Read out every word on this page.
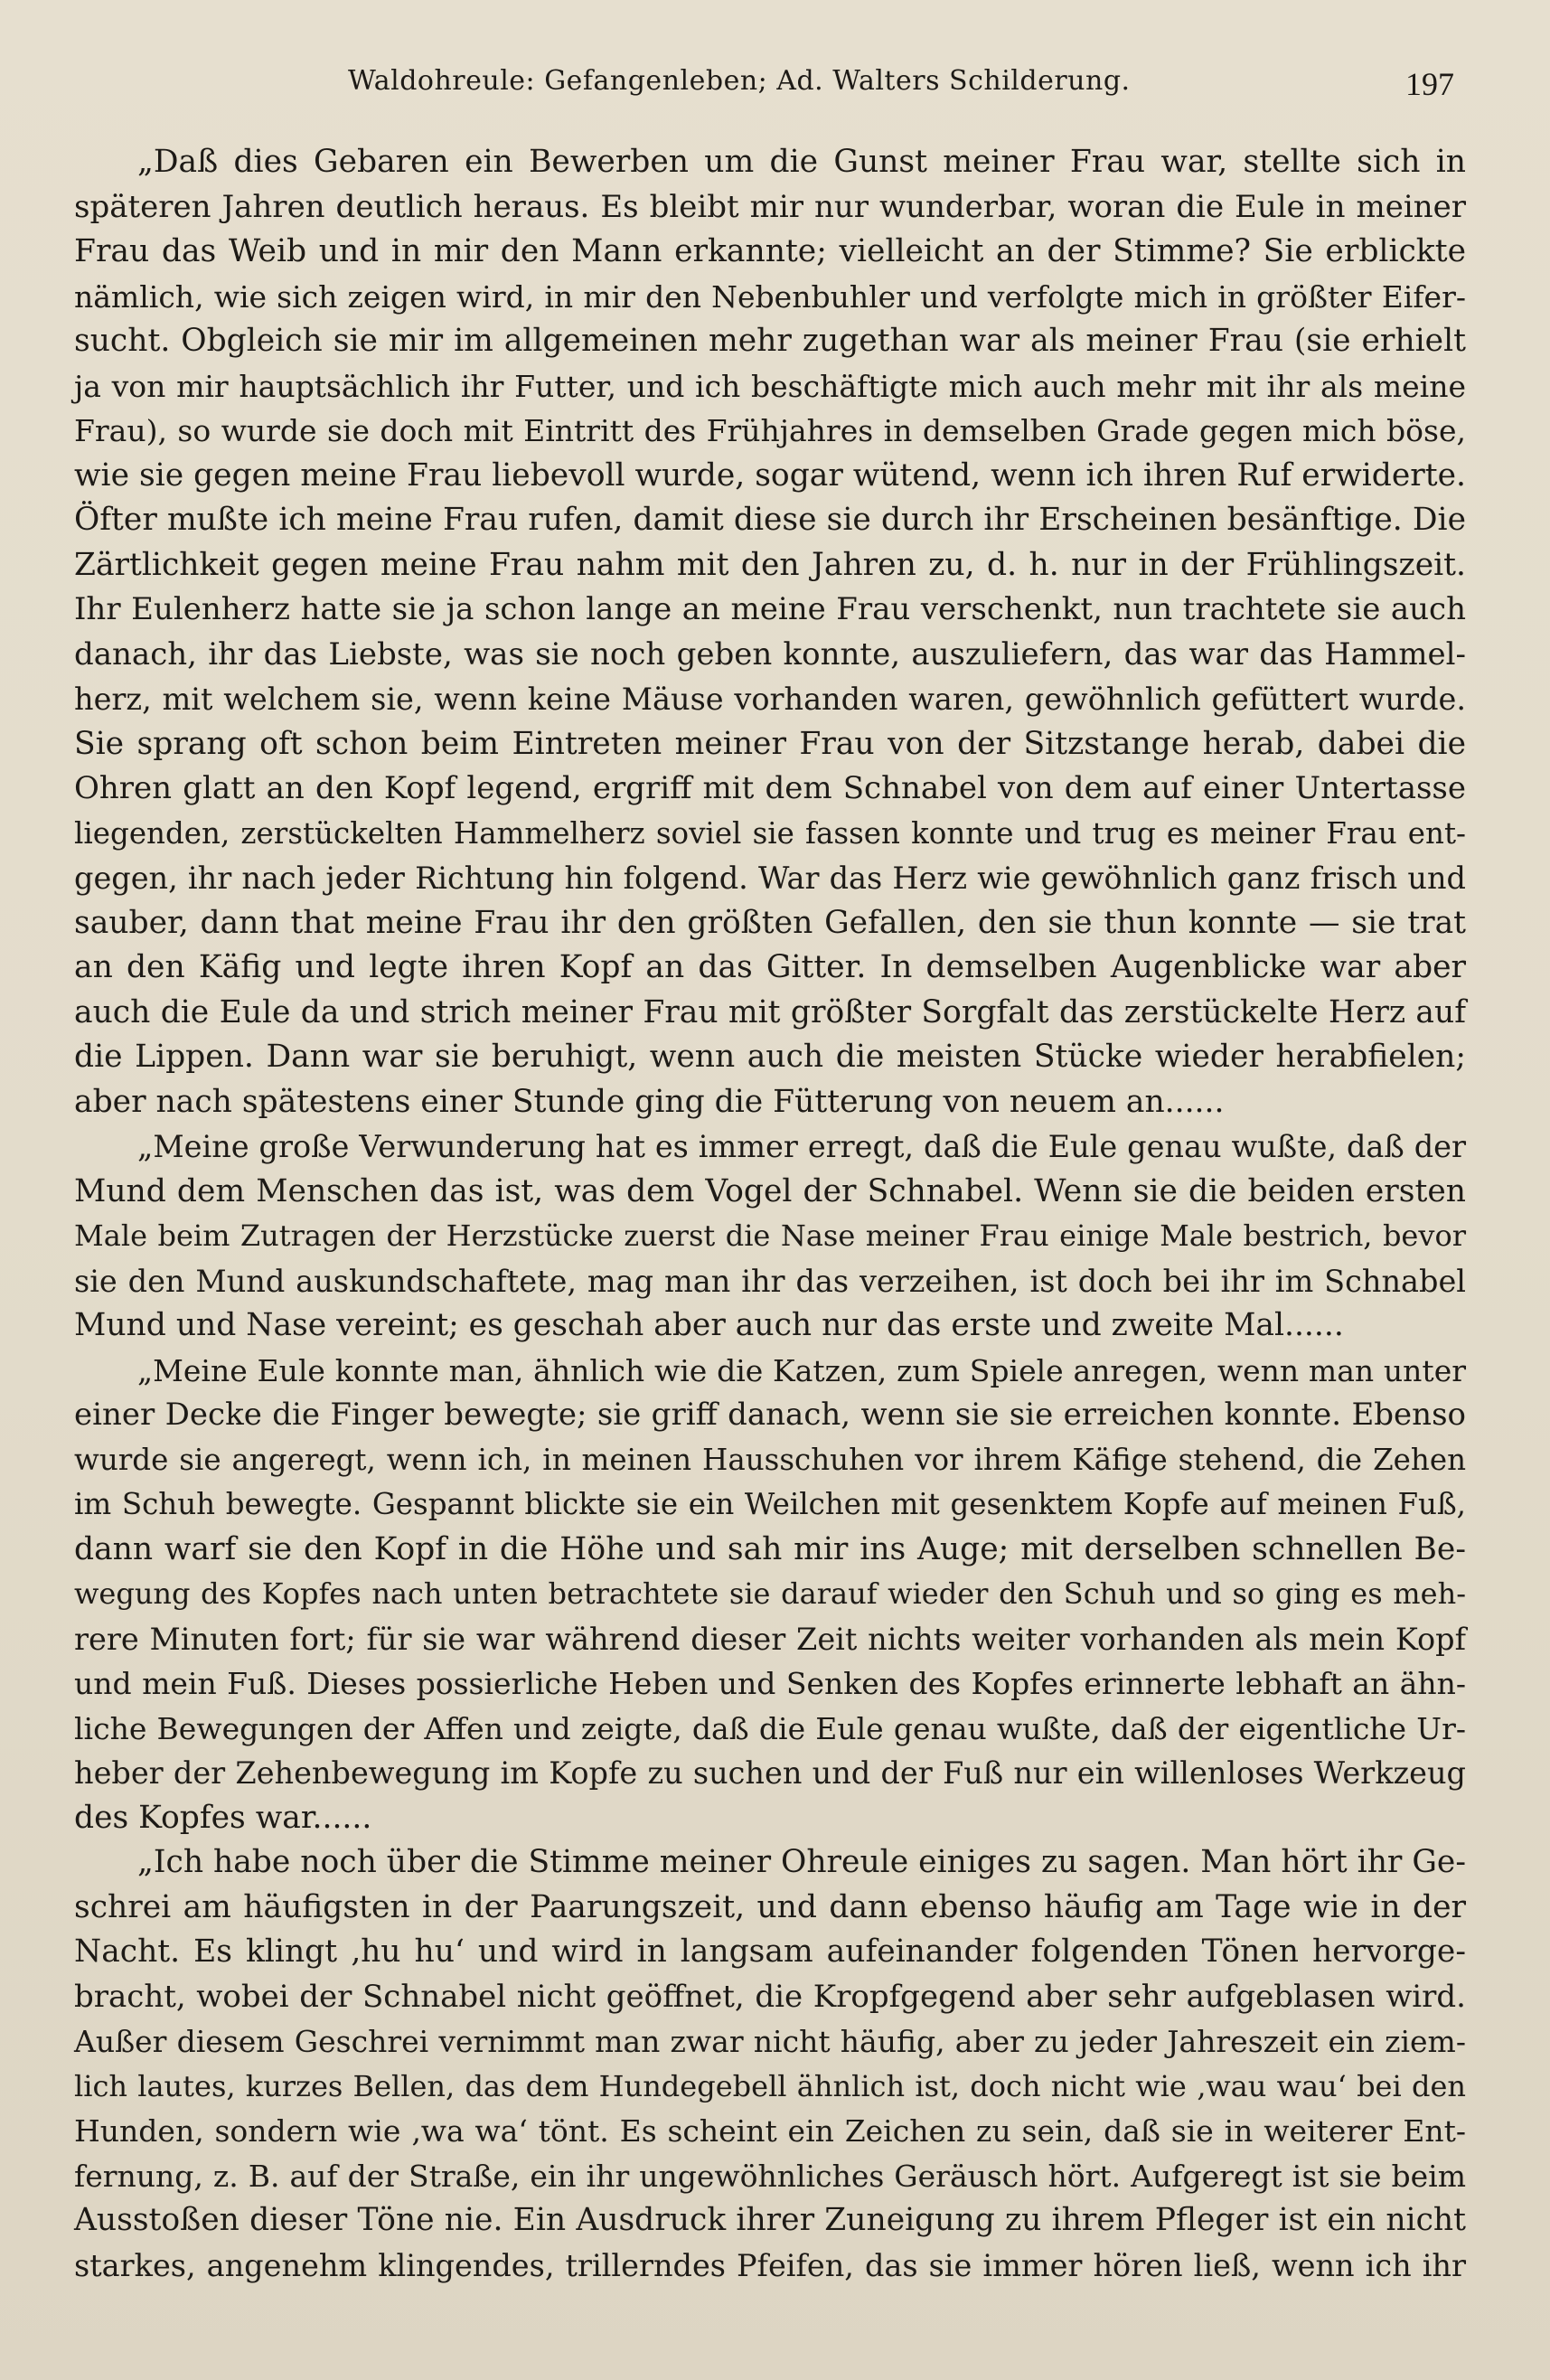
Waldohreule: Gefangenleben; Ad. Walters Schilderung.	197
„Daß dies Gebaren ein Bewerben um die Gunst meiner Frau war, stellte sich in
späteren Jahren deutlich heraus. Es bleibt mir nur wunderbar, woran die Eule in meiner
Frau das Weib und in mir den Mann erkannte; vielleicht an der Stimme? Sie erblickte
nämlich, wie sich zeigen wird, in mir den Nebenbuhler und verfolgte mich in größter Eifer-
sucht. Obgleich sie mir im allgemeinen mehr zugethan war als meiner Frau (sie erhielt
ja von mir hauptsächlich ihr Futter, und ich beschäftigte mich auch mehr mit ihr als meine
Frau), so wurde sie doch mit Eintritt des Frühjahres in demselben Grade gegen mich böse,
wie sie gegen meine Frau liebevoll wurde, sogar wütend, wenn ich ihren Ruf erwiderte.
Öfter mußte ich meine Frau rufen, damit diese sie durch ihr Erscheinen besänftige. Die
Zärtlichkeit gegen meine Frau nahm mit den Jahren zu, d. h. nur in der Frühlingszeit.
Ihr Eulenherz hatte sie ja schon lange an meine Frau verschenkt, nun trachtete sie auch
danach, ihr das Liebste, was sie noch geben konnte, auszuliefern, das war das Hammel-
herz, mit welchem sie, wenn keine Mäuse vorhanden waren, gewöhnlich gefüttert wurde.
Sie sprang oft schon beim Eintreten meiner Frau von der Sitzstange herab, dabei die
Ohren glatt an den Kopf legend, ergriff mit dem Schnabel von dem auf einer Untertasse
liegenden, zerstückelten Hammelherz soviel sie fassen konnte und trug es meiner Frau ent-
gegen, ihr nach jeder Richtung hin folgend. War das Herz wie gewöhnlich ganz frisch und
sauber, dann that meine Frau ihr den größten Gefallen, den sie thun konnte — sie trat
an den Käfig und legte ihren Kopf an das Gitter. In demselben Augenblicke war aber
auch die Eule da und strich meiner Frau mit größter Sorgfalt das zerstückelte Herz auf
die Lippen. Dann war sie beruhigt, wenn auch die meisten Stücke wieder herabfielen;
aber nach spätestens einer Stunde ging die Fütterung von neuem an......
„Meine große Verwunderung hat es immer erregt, daß die Eule genau wußte, daß der
Mund dem Menschen das ist, was dem Vogel der Schnabel. Wenn sie die beiden ersten
Male beim Zutragen der Herzstücke zuerst die Nase meiner Frau einige Male bestrich, bevor
sie den Mund auskundschaftete, mag man ihr das verzeihen, ist doch bei ihr im Schnabel
Mund und Nase vereint; es geschah aber auch nur das erste und zweite Mal......
„Meine Eule konnte man, ähnlich wie die Katzen, zum Spiele anregen, wenn man unter
einer Decke die Finger bewegte; sie griff danach, wenn sie sie erreichen konnte. Ebenso
wurde sie angeregt, wenn ich, in meinen Hausschuhen vor ihrem Käfige stehend, die Zehen
im Schuh bewegte. Gespannt blickte sie ein Weilchen mit gesenktem Kopfe auf meinen Fuß,
dann warf sie den Kopf in die Höhe und sah mir ins Auge; mit derselben schnellen Be-
wegung des Kopfes nach unten betrachtete sie darauf wieder den Schuh und so ging es meh-
rere Minuten fort; für sie war während dieser Zeit nichts weiter vorhanden als mein Kopf
und mein Fuß. Dieses possierliche Heben und Senken des Kopfes erinnerte lebhaft an ähn-
liche Bewegungen der Affen und zeigte, daß die Eule genau wußte, daß der eigentliche Ur-
heber der Zehenbewegung im Kopfe zu suchen und der Fuß nur ein willenloses Werkzeug
des Kopfes war......
„Ich habe noch über die Stimme meiner Ohreule einiges zu sagen. Man hört ihr Ge-
schrei am häufigsten in der Paarungszeit, und dann ebenso häufig am Tage wie in der
Nacht. Es klingt ‚hu hu‘ und wird in langsam aufeinander folgenden Tönen hervorge-
bracht, wobei der Schnabel nicht geöffnet, die Kropfgegend aber sehr aufgeblasen wird.
Außer diesem Geschrei vernimmt man zwar nicht häufig, aber zu jeder Jahreszeit ein ziem-
lich lautes, kurzes Bellen, das dem Hundegebell ähnlich ist, doch nicht wie ‚wau wau‘ bei den
Hunden, sondern wie ‚wa wa‘ tönt. Es scheint ein Zeichen zu sein, daß sie in weiterer Ent-
fernung, z. B. auf der Straße, ein ihr ungewöhnliches Geräusch hört. Aufgeregt ist sie beim
Ausstoßen dieser Töne nie. Ein Ausdruck ihrer Zuneigung zu ihrem Pfleger ist ein nicht
starkes, angenehm klingendes, trillerndes Pfeifen, das sie immer hören ließ, wenn ich ihr
